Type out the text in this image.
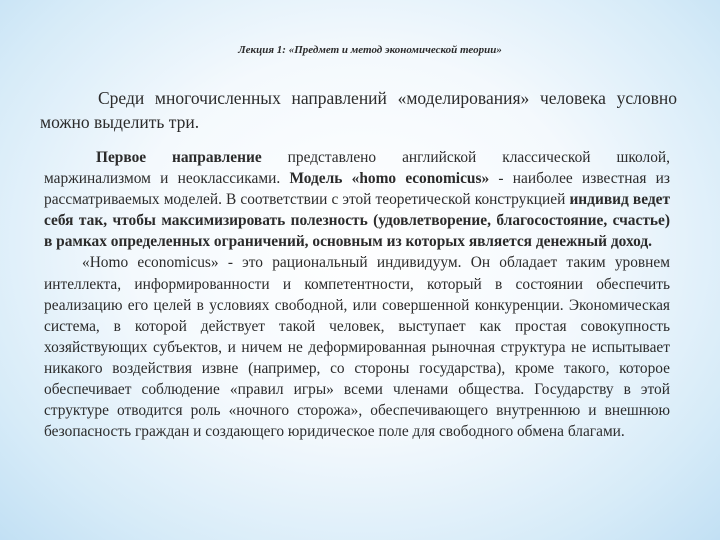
Лекция 1: «Предмет и метод экономической теории»

Среди многочисленных направлений «моделирования» человека условно можно выделить три.

Первое направление представлено английской классической школой, маржинализмом и неоклассиками. Модель «homo economicus» - наиболее известная из рассматриваемых моделей. В соответствии с этой теоретической конструкцией индивид ведет себя так, чтобы максимизировать полезность (удовлетворение, благосостояние, счастье) в рамках определенных ограничений, основным из которых является денежный доход.

«Homo economicus» - это рациональный индивидуум. Он обладает таким уровнем интеллекта, информированности и компетентности, который в состоянии обеспечить реализацию его целей в условиях свободной, или совершенной конкуренции. Экономическая система, в которой действует такой человек, выступает как простая совокупность хозяйствующих субъектов, и ничем не деформированная рыночная структура не испытывает никакого воздействия извне (например, со стороны государства), кроме такого, которое обеспечивает соблюдение «правил игры» всеми членами общества. Государству в этой структуре отводится роль «ночного сторожа», обеспечивающего внутреннюю и внешнюю безопасность граждан и создающего юридическое поле для свободного обмена благами.
